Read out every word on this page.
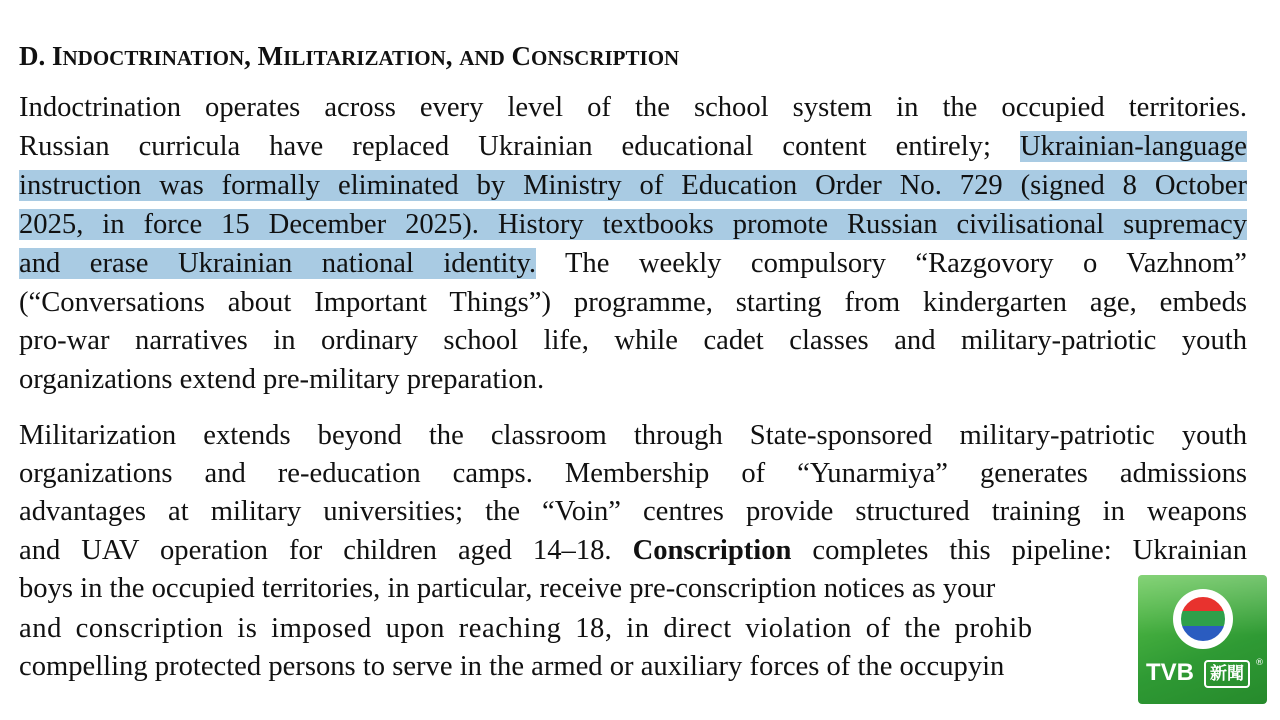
D. INDOCTRINATION, MILITARIZATION, AND CONSCRIPTION
Indoctrination operates across every level of the school system in the occupied territories.
Russian curricula have replaced Ukrainian educational content entirely; Ukrainian-language
instruction was formally eliminated by Ministry of Education Order No. 729 (signed 8 October
2025, in force 15 December 2025). History textbooks promote Russian civilisational supremacy
and erase Ukrainian national identity. The weekly compulsory “Razgovory o Vazhnom”
(“Conversations about Important Things”) programme, starting from kindergarten age, embeds
pro-war narratives in ordinary school life, while cadet classes and military-patriotic youth
organizations extend pre-military preparation.
Militarization extends beyond the classroom through State-sponsored military-patriotic youth
organizations and re-education camps. Membership of “Yunarmiya” generates admissions
advantages at military universities; the “Voin” centres provide structured training in weapons
and UAV operation for children aged 14–18. Conscription completes this pipeline: Ukrainian
boys in the occupied territories, in particular, receive pre-conscription notices as your
and conscription is imposed upon reaching 18, in direct violation of the prohib
compelling protected persons to serve in the armed or auxiliary forces of the occupyin	TVB 新聞
®
